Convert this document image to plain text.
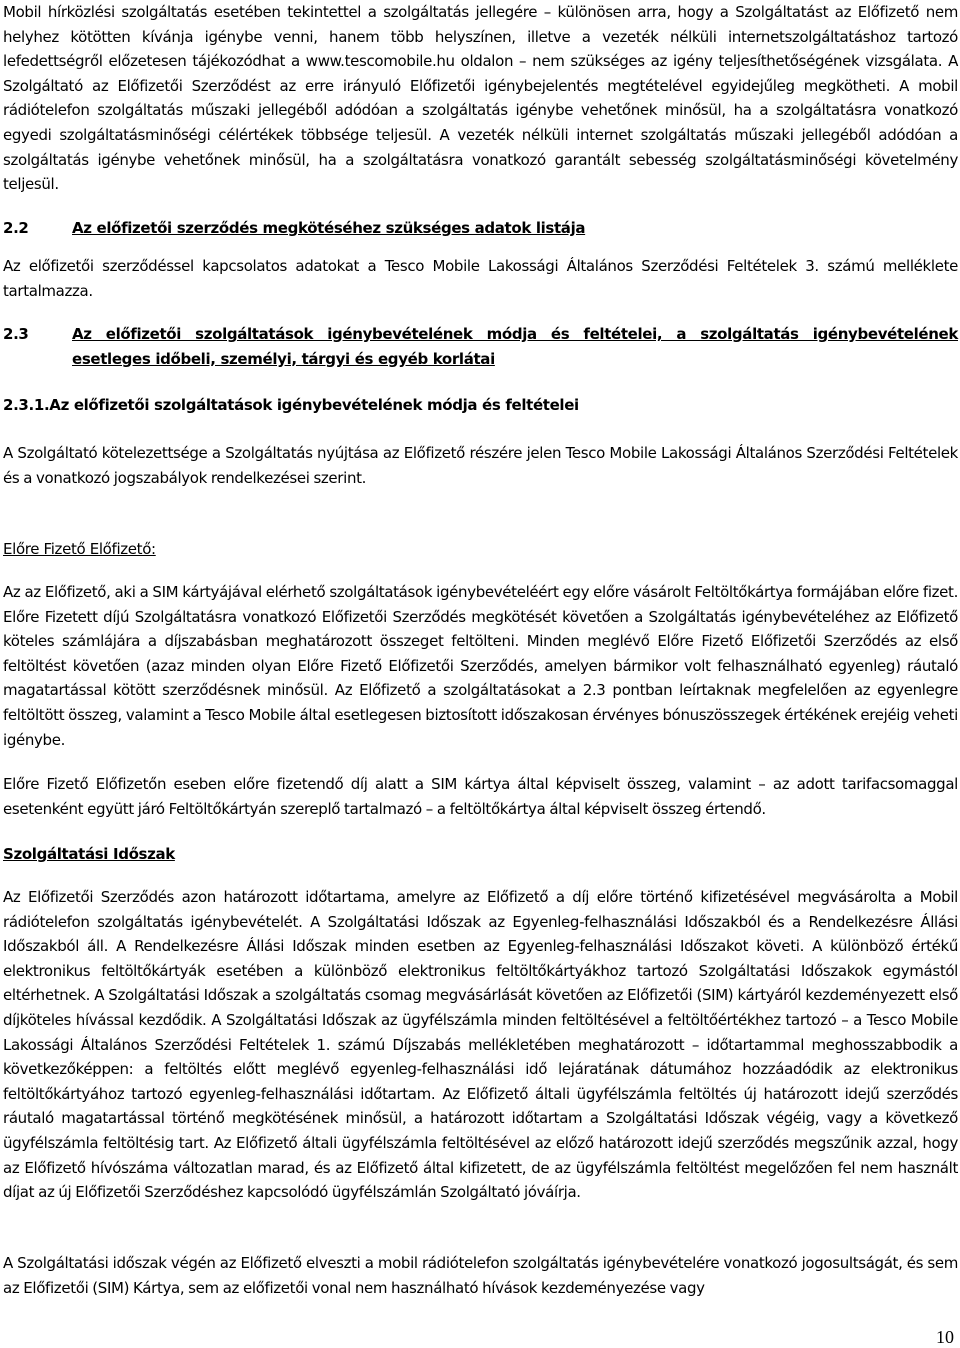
Mobil hírközlési szolgáltatás esetében tekintettel a szolgáltatás jellegére – különösen arra, hogy a Szolgáltatást az Előfizető nem helyhez kötötten kívánja igénybe venni, hanem több helyszínen, illetve a vezeték nélküli internetszolgáltatáshoz tartozó lefedettségről előzetesen tájékozódhat a www.tescomobile.hu oldalon – nem szükséges az igény teljesíthetőségének vizsgálata. A Szolgáltató az Előfizetői Szerződést az erre irányuló Előfizetői igénybejelentés megtételével egyidejűleg megkötheti. A mobil rádiótelefon szolgáltatás műszaki jellegéből adódóan a szolgáltatás igénybe vehetőnek minősül, ha a szolgáltatásra vonatkozó egyedi szolgáltatásminőségi célértékek többsége teljesül. A vezeték nélküli internet szolgáltatás műszaki jellegéből adódóan a szolgáltatás igénybe vehetőnek minősül, ha a szolgáltatásra vonatkozó garantált sebesség szolgáltatásminőségi követelmény teljesül.

2.2	Az előfizetői szerződés megkötéséhez szükséges adatok listája

Az előfizetői szerződéssel kapcsolatos adatokat a Tesco Mobile Lakossági Általános Szerződési Feltételek 3. számú melléklete tartalmazza.

2.3	Az előfizetői szolgáltatások igénybevételének módja és feltételei, a szolgáltatás igénybevételének esetleges időbeli, személyi, tárgyi és egyéb korlátai
2.3.1.Az előfizetői szolgáltatások igénybevételének módja és feltételei

A Szolgáltató kötelezettsége a Szolgáltatás nyújtása az Előfizető részére jelen Tesco Mobile Lakossági Általános Szerződési Feltételek és a vonatkozó jogszabályok rendelkezései szerint.

Előre Fizető Előfizető:

Az az Előfizető, aki a SIM kártyájával elérhető szolgáltatások igénybevételéért egy előre vásárolt Feltöltőkártya formájában előre fizet. Előre Fizetett díjú Szolgáltatásra vonatkozó Előfizetői Szerződés megkötését követően a Szolgáltatás igénybevételéhez az Előfizető köteles számlájára a díjszabásban meghatározott összeget feltölteni. Minden meglévő Előre Fizető Előfizetői Szerződés az első feltöltést követően (azaz minden olyan Előre Fizető Előfizetői Szerződés, amelyen bármikor volt felhasználható egyenleg) ráutaló magatartással kötött szerződésnek minősül. Az Előfizető a szolgáltatásokat a 2.3 pontban leírtaknak megfelelően az egyenlegre feltöltött összeg, valamint a Tesco Mobile által esetlegesen biztosított időszakosan érvényes bónuszösszegek értékének erejéig veheti igénybe.

Előre Fizető Előfizetőn eseben előre fizetendő díj alatt a SIM kártya által képviselt összeg, valamint – az adott tarifacsomaggal esetenként együtt járó Feltöltőkártyán szereplő tartalmazó – a feltöltőkártya által képviselt összeg értendő.

Szolgáltatási Időszak

Az Előfizetői Szerződés azon határozott időtartama, amelyre az Előfizető a díj előre történő kifizetésével megvásárolta a Mobil rádiótelefon szolgáltatás igénybevételét. A Szolgáltatási Időszak az Egyenleg-felhasználási Időszakból és a Rendelkezésre Állási Időszakból áll. A Rendelkezésre Állási Időszak minden esetben az Egyenleg-felhasználási Időszakot követi. A különböző értékű elektronikus feltöltőkártyák esetében a különböző elektronikus feltöltőkártyákhoz tartozó Szolgáltatási Időszakok egymástól eltérhetnek. A Szolgáltatási Időszak a szolgáltatás csomag megvásárlását követően az Előfizetői (SIM) kártyáról kezdeményezett első díjköteles hívással kezdődik. A Szolgáltatási Időszak az ügyfélszámla minden feltöltésével a feltöltőértékhez tartozó – a Tesco Mobile Lakossági Általános Szerződési Feltételek 1. számú Díjszabás mellékletében meghatározott – időtartammal meghosszabbodik a következőképpen: a feltöltés előtt meglévő egyenleg-felhasználási idő lejáratának dátumához hozzáadódik az elektronikus feltöltőkártyához tartozó egyenleg-felhasználási időtartam. Az Előfizető általi ügyfélszámla feltöltés új határozott idejű szerződés ráutaló magatartással történő megkötésének minősül, a határozott időtartam a Szolgáltatási Időszak végéig, vagy a következő ügyfélszámla feltöltésig tart. Az Előfizető általi ügyfélszámla feltöltésével az előző határozott idejű szerződés megszűnik azzal, hogy az Előfizető hívószáma változatlan marad, és az Előfizető által kifizetett, de az ügyfélszámla feltöltést megelőzően fel nem használt díjat az új Előfizetői Szerződéshez kapcsolódó ügyfélszámlán Szolgáltató jóváírja.

A Szolgáltatási időszak végén az Előfizető elveszti a mobil rádiótelefon szolgáltatás igénybevételére vonatkozó jogosultságát, és sem az Előfizetői (SIM) Kártya, sem az előfizetői vonal nem használható hívások kezdeményezése vagy

10
